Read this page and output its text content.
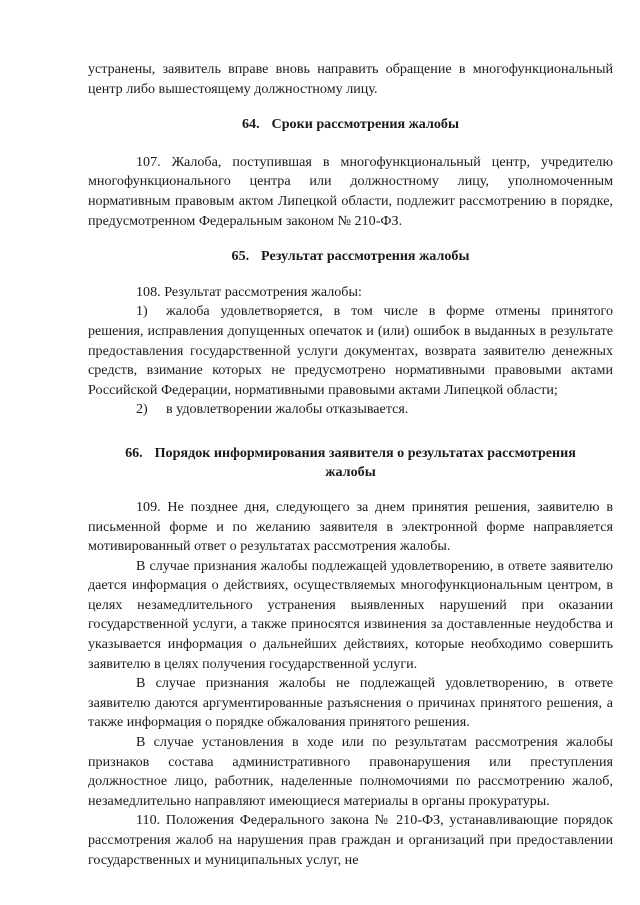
устранены, заявитель вправе вновь направить обращение в многофункциональный центр либо вышестоящему должностному лицу.

64. Сроки рассмотрения жалобы

107. Жалоба, поступившая в многофункциональный центр, учредителю многофункционального центра или должностному лицу, уполномоченным нормативным правовым актом Липецкой области, подлежит рассмотрению в порядке, предусмотренном Федеральным законом № 210-ФЗ.

65. Результат рассмотрения жалобы

108. Результат рассмотрения жалобы:

1) жалоба удовлетворяется, в том числе в форме отмены принятого решения, исправления допущенных опечаток и (или) ошибок в выданных в результате предоставления государственной услуги документах, возврата заявителю денежных средств, взимание которых не предусмотрено нормативными правовыми актами Российской Федерации, нормативными правовыми актами Липецкой области;

2) в удовлетворении жалобы отказывается.

66. Порядок информирования заявителя о результатах рассмотрения
жалобы

109. Не позднее дня, следующего за днем принятия решения, заявителю в письменной форме и по желанию заявителя в электронной форме направляется мотивированный ответ о результатах рассмотрения жалобы.

В случае признания жалобы подлежащей удовлетворению, в ответе заявителю дается информация о действиях, осуществляемых многофункциональным центром, в целях незамедлительного устранения выявленных нарушений при оказании государственной услуги, а также приносятся извинения за доставленные неудобства и указывается информация о дальнейших действиях, которые необходимо совершить заявителю в целях получения государственной услуги.

В случае признания жалобы не подлежащей удовлетворению, в ответе заявителю даются аргументированные разъяснения о причинах принятого решения, а также информация о порядке обжалования принятого решения.

В случае установления в ходе или по результатам рассмотрения жалобы признаков состава административного правонарушения или преступления должностное лицо, работник, наделенные полномочиями по рассмотрению жалоб, незамедлительно направляют имеющиеся материалы в органы прокуратуры.

110. Положения Федерального закона № 210-ФЗ, устанавливающие порядок рассмотрения жалоб на нарушения прав граждан и организаций при предоставлении государственных и муниципальных услуг, не
